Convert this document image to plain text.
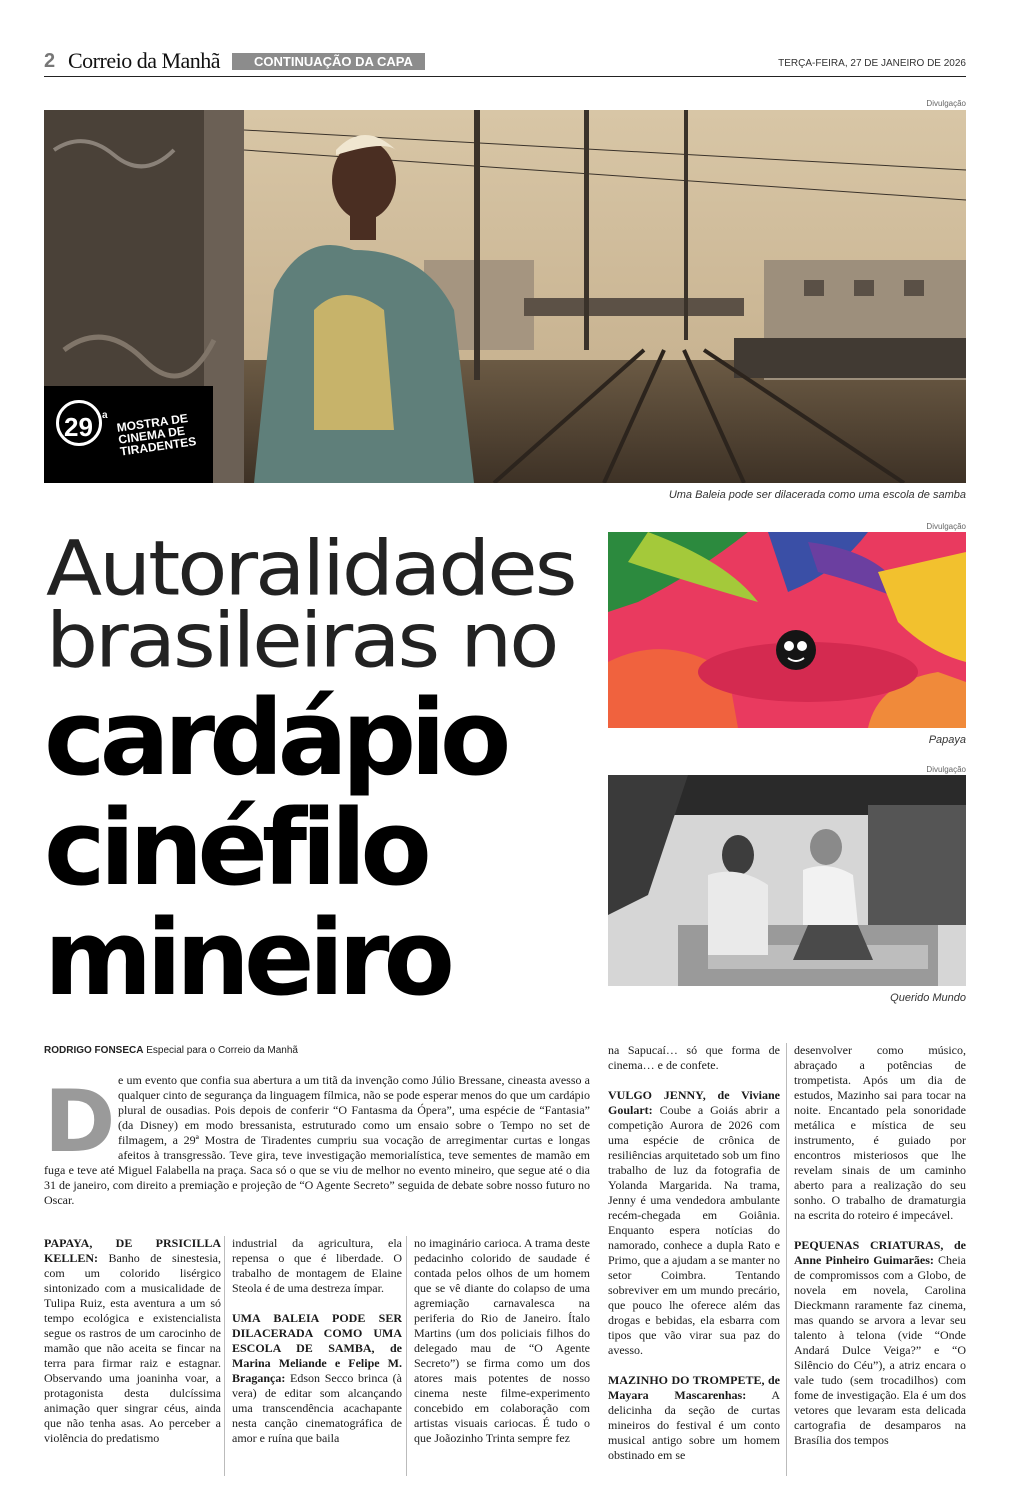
2 Correio da Manhã	CONTINUAÇÃO DA CAPA	TERÇA-FEIRA, 27 DE JANEIRO DE 2026
Divulgação
29 a MOSTRA DE CINEMA DE TIRADENTES
Uma Baleia pode ser dilacerada como uma escola de samba
Autoralidades
brasileiras no
cardápio
cinéfilo
mineiro
Divulgação
Papaya
Divulgação
Querido Mundo
RODRIGO FONSECA Especial para o Correio da Manhã
D e um evento que confia sua abertura a um titã da invenção como Júlio Bressane, cineasta avesso a qualquer cinto de segurança da linguagem fílmica, não se pode esperar menos do que um cardápio plural de ousadias. Pois depois de conferir “O Fantasma da Ópera”, uma espécie de “Fantasia” (da Disney) em modo bressanista, estruturado como um ensaio sobre o Tempo no set de filmagem, a 29ª Mostra de Tiradentes cumpriu sua vocação de arregimentar curtas e longas afeitos à transgressão. Teve gira, teve investigação memorialística, teve sementes de mamão em fuga e teve até Miguel Falabella na praça. Saca só o que se viu de melhor no evento mineiro, que segue até o dia 31 de janeiro, com direito a premiação e projeção de “O Agente Secreto” seguida de debate sobre nosso futuro no Oscar.

PAPAYA, DE PRSICILLA KELLEN: Banho de sinestesia, com um colorido lisérgico sintonizado com a musicalidade de Tulipa Ruiz, esta aventura a um só tempo ecológica e existencialista segue os rastros de um carocinho de mamão que não aceita se fincar na terra para firmar raiz e estagnar. Observando uma joaninha voar, a protagonista desta dulcíssima animação quer singrar céus, ainda que não tenha asas. Ao perceber a violência do predatismo

industrial da agricultura, ela repensa o que é liberdade. O trabalho de montagem de Elaine Steola é de uma destreza ímpar.

UMA BALEIA PODE SER DILACERADA COMO UMA ESCOLA DE SAMBA, de Marina Meliande e Felipe M. Bragança: Edson Secco brinca (à vera) de editar som alcançando uma transcendência acachapante nesta canção cinematográfica de amor e ruína que baila

no imaginário carioca. A trama deste pedacinho colorido de saudade é contada pelos olhos de um homem que se vê diante do colapso de uma agremiação carnavalesca na periferia do Rio de Janeiro. Ítalo Martins (um dos policiais filhos do delegado mau de “O Agente Secreto”) se firma como um dos atores mais potentes de nosso cinema neste filme-experimento concebido em colaboração com artistas visuais cariocas. É tudo o que Joãozinho Trinta sempre fez

na Sapucaí… só que forma de cinema… e de confete.

VULGO JENNY, de Viviane Goulart: Coube a Goiás abrir a competição Aurora de 2026 com uma espécie de crônica de resiliências arquitetado sob um fino trabalho de luz da fotografia de Yolanda Margarida. Na trama, Jenny é uma vendedora ambulante recém-chegada em Goiânia. Enquanto espera notícias do namorado, conhece a dupla Rato e Primo, que a ajudam a se manter no setor Coimbra. Tentando sobreviver em um mundo precário, que pouco lhe oferece além das drogas e bebidas, ela esbarra com tipos que vão virar sua paz do avesso.

MAZINHO DO TROMPETE, de Mayara Mascarenhas: A delicinha da seção de curtas mineiros do festival é um conto musical antigo sobre um homem obstinado em se

desenvolver como músico, abraçado a potências de trompetista. Após um dia de estudos, Mazinho sai para tocar na noite. Encantado pela sonoridade metálica e mística de seu instrumento, é guiado por encontros misteriosos que lhe revelam sinais de um caminho aberto para a realização do seu sonho. O trabalho de dramaturgia na escrita do roteiro é impecável.

PEQUENAS CRIATURAS, de Anne Pinheiro Guimarães: Cheia de compromissos com a Globo, de novela em novela, Carolina Dieckmann raramente faz cinema, mas quando se arvora a levar seu talento à telona (vide “Onde Andará Dulce Veiga?” e “O Silêncio do Céu”), a atriz encara o vale tudo (sem trocadilhos) com fome de investigação. Ela é um dos vetores que levaram esta delicada cartografia de desamparos na Brasília dos tempos
